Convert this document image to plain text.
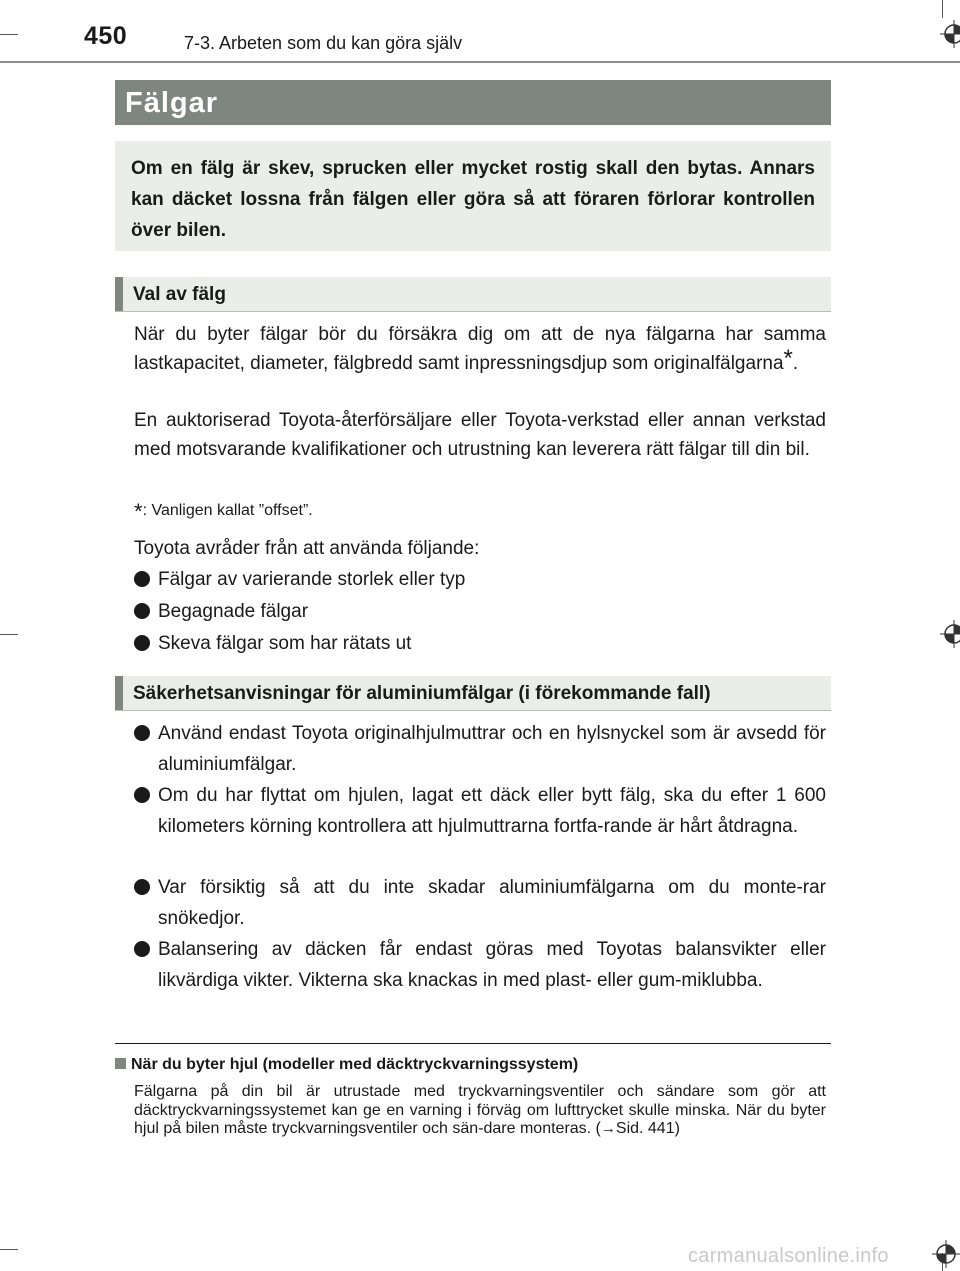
450	7-3. Arbeten som du kan göra själv
Fälgar

Om en fälg är skev, sprucken eller mycket rostig skall den bytas. Annars kan däcket lossna från fälgen eller göra så att föraren förlorar kontrollen över bilen.

Val av fälg
När du byter fälgar bör du försäkra dig om att de nya fälgarna har samma lastkapacitet, diameter, fälgbredd samt inpressningsdjup som originalfälgarna*.
En auktoriserad Toyota-återförsäljare eller Toyota-verkstad eller annan verkstad med motsvarande kvalifikationer och utrustning kan leverera rätt fälgar till din bil.
*: Vanligen kallat ”offset”.
Toyota avråder från att använda följande:
Fälgar av varierande storlek eller typ
Begagnade fälgar
Skeva fälgar som har rätats ut
Säkerhetsanvisningar för aluminiumfälgar (i förekommande fall)
Använd endast Toyota originalhjulmuttrar och en hylsnyckel som är avsedd för aluminiumfälgar.
Om du har flyttat om hjulen, lagat ett däck eller bytt fälg, ska du efter 1 600 kilometers körning kontrollera att hjulmuttrarna fortfa-rande är hårt åtdragna.
Var försiktig så att du inte skadar aluminiumfälgarna om du monte-rar snökedjor.
Balansering av däcken får endast göras med Toyotas balansvikter eller likvärdiga vikter. Vikterna ska knackas in med plast- eller gum-miklubba.
När du byter hjul (modeller med däcktryckvarningssystem)
Fälgarna på din bil är utrustade med tryckvarningsventiler och sändare som gör att däcktryckvarningssystemet kan ge en varning i förväg om lufttrycket skulle minska. När du byter hjul på bilen måste tryckvarningsventiler och sän-dare monteras. (→Sid. 441)
carmanualsonline.info
